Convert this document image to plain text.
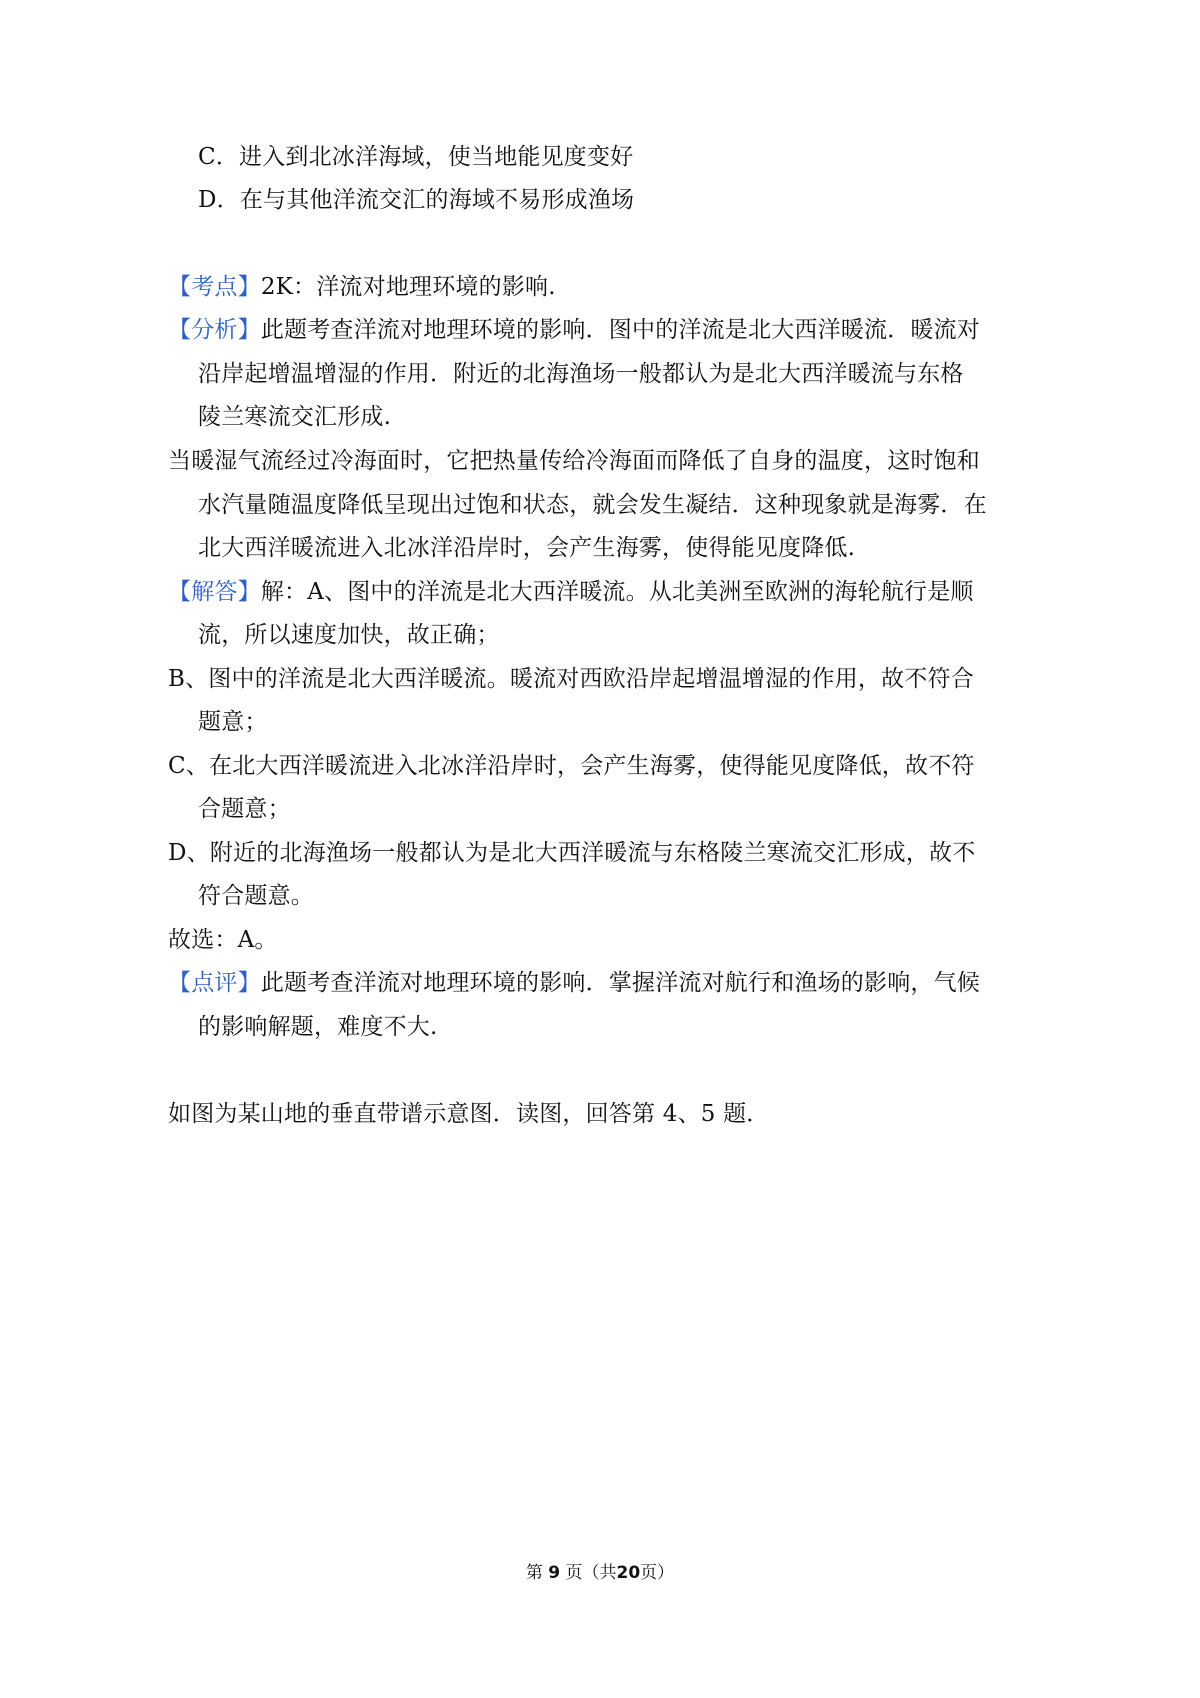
C．进入到北冰洋海域，使当地能见度变好
D．在与其他洋流交汇的海域不易形成渔场
【考点】2K：洋流对地理环境的影响.
【分析】此题考查洋流对地理环境的影响．图中的洋流是北大西洋暖流．暖流对
沿岸起增温增湿的作用．附近的北海渔场一般都认为是北大西洋暖流与东格
陵兰寒流交汇形成.
当暖湿气流经过冷海面时，它把热量传给冷海面而降低了自身的温度，这时饱和
水汽量随温度降低呈现出过饱和状态，就会发生凝结．这种现象就是海雾．在
北大西洋暖流进入北冰洋沿岸时，会产生海雾，使得能见度降低.
【解答】解：A、图中的洋流是北大西洋暖流。从北美洲至欧洲的海轮航行是顺
流，所以速度加快，故正确；
B、图中的洋流是北大西洋暖流。暖流对西欧沿岸起增温增湿的作用，故不符合
题意；
C、在北大西洋暖流进入北冰洋沿岸时，会产生海雾，使得能见度降低，故不符
合题意；
D、附近的北海渔场一般都认为是北大西洋暖流与东格陵兰寒流交汇形成，故不
符合题意。
故选：A。
【点评】此题考查洋流对地理环境的影响．掌握洋流对航行和渔场的影响，气候
的影响解题，难度不大.
如图为某山地的垂直带谱示意图．读图，回答第 4、5 题．
第 9 页（共20页）
